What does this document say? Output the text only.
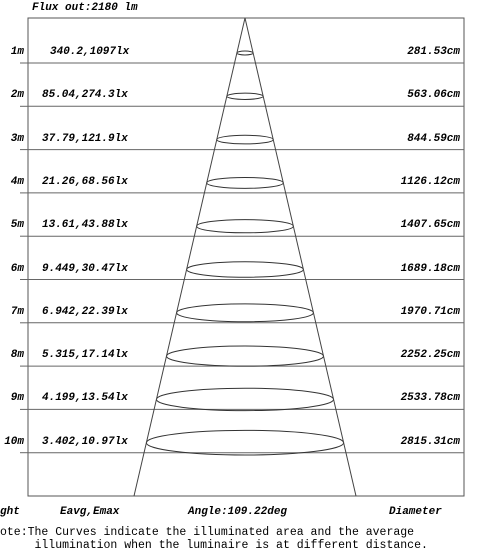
Flux out:2180 lm
1m 340.2,1097lx	281.53cm
2m 85.04,274.3lx	563.06cm
3m 37.79,121.9lx	844.59cm
4m 21.26,68.56lx	1126.12cm
5m 13.61,43.88lx	1407.65cm
6m 9.449,30.47lx	1689.18cm
7m 6.942,22.39lx	1970.71cm
8m 5.315,17.14lx	2252.25cm
9m 4.199,13.54lx	2533.78cm
10m 3.402,10.97lx	2815.31cm
ght	Eavg,Emax	Angle:109.22deg	Diameter
ote:The Curves indicate the illuminated area and the average
illumination when the luminaire is at different distance.
